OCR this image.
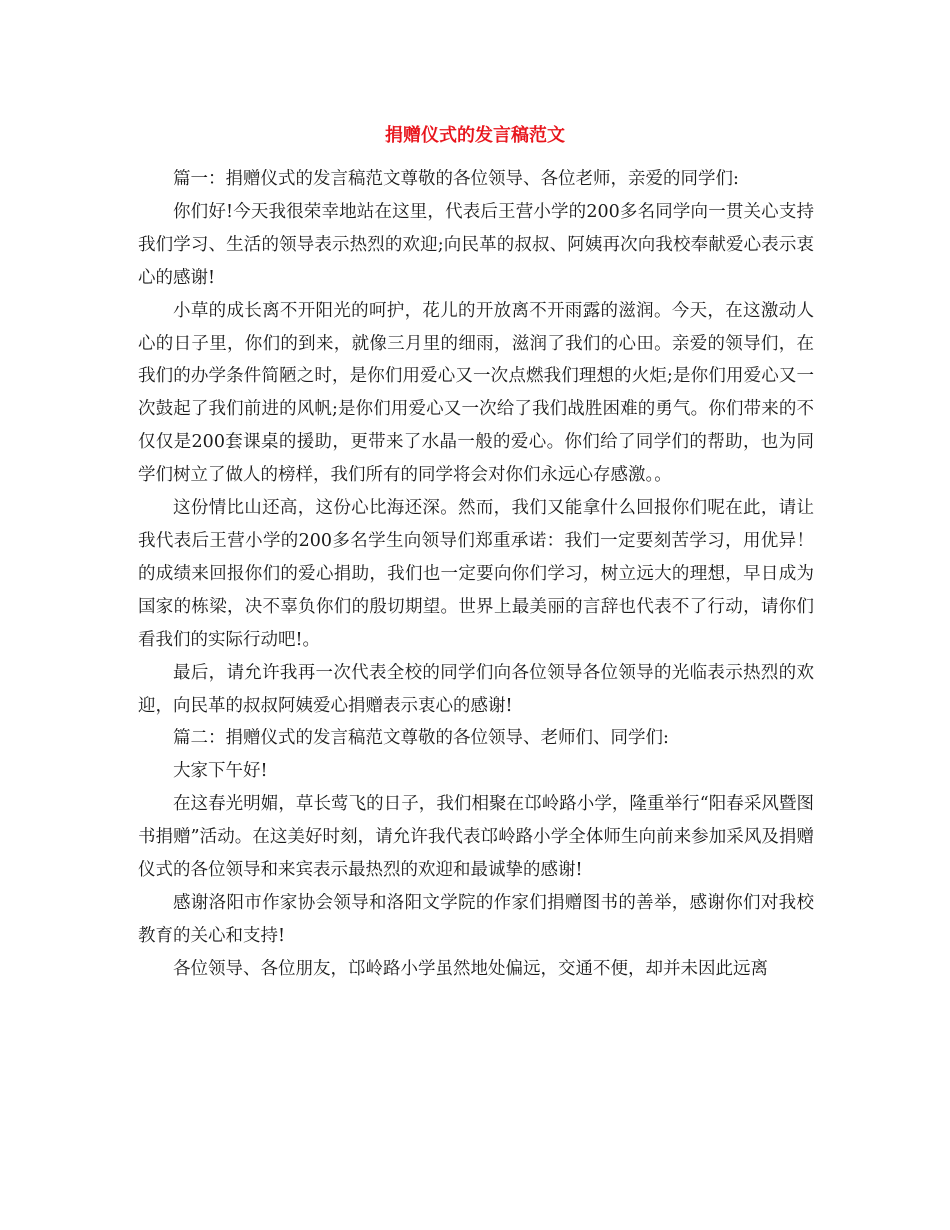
捐赠仪式的发言稿范文

篇一：捐赠仪式的发言稿范文尊敬的各位领导、各位老师，亲爱的同学们:

你们好!今天我很荣幸地站在这里，代表后王营小学的200多名同学向一贯关心支持我们学习、生活的领导表示热烈的欢迎;向民革的叔叔、阿姨再次向我校奉献爱心表示衷心的感谢!

小草的成长离不开阳光的呵护，花儿的开放离不开雨露的滋润。今天，在这激动人心的日子里，你们的到来，就像三月里的细雨，滋润了我们的心田。亲爱的领导们，在我们的办学条件简陋之时，是你们用爱心又一次点燃我们理想的火炬;是你们用爱心又一次鼓起了我们前进的风帆;是你们用爱心又一次给了我们战胜困难的勇气。你们带来的不仅仅是200套课桌的援助，更带来了水晶一般的爱心。你们给了同学们的帮助，也为同学们树立了做人的榜样，我们所有的同学将会对你们永远心存感激。。

这份情比山还高，这份心比海还深。然而，我们又能拿什么回报你们呢在此，请让我代表后王营小学的200多名学生向领导们郑重承诺：我们一定要刻苦学习，用优异！的成绩来回报你们的爱心捐助，我们也一定要向你们学习，树立远大的理想，早日成为国家的栋梁，决不辜负你们的殷切期望。世界上最美丽的言辞也代表不了行动，请你们看我们的实际行动吧!。

最后，请允许我再一次代表全校的同学们向各位领导各位领导的光临表示热烈的欢迎，向民革的叔叔阿姨爱心捐赠表示衷心的感谢!

篇二：捐赠仪式的发言稿范文尊敬的各位领导、老师们、同学们:

大家下午好!

在这春光明媚，草长莺飞的日子，我们相聚在邙岭路小学，隆重举行“阳春采风暨图书捐赠”活动。在这美好时刻，请允许我代表邙岭路小学全体师生向前来参加采风及捐赠仪式的各位领导和来宾表示最热烈的欢迎和最诚挚的感谢!

感谢洛阳市作家协会领导和洛阳文学院的作家们捐赠图书的善举，感谢你们对我校教育的关心和支持!

各位领导、各位朋友，邙岭路小学虽然地处偏远，交通不便，却并未因此远离
